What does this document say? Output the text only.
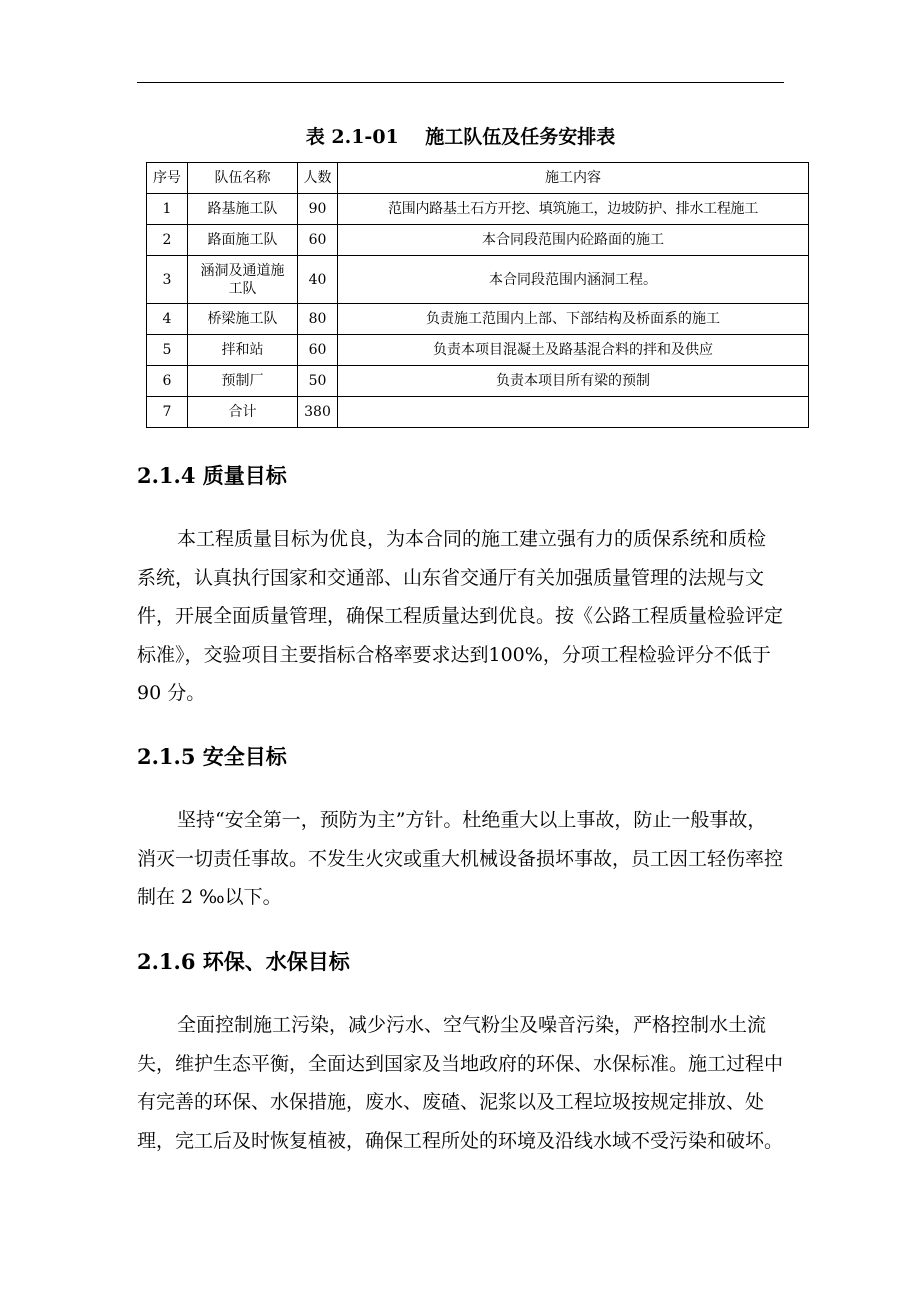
表 2.1-01    施工队伍及任务安排表
序号	队伍名称	人数	施工内容
1	路基施工队	90	范围内路基土石方开挖、填筑施工，边坡防护、排水工程施工
2	路面施工队	60	本合同段范围内砼路面的施工
3	涵洞及通道施工队	40	本合同段范围内涵洞工程。
4	桥梁施工队	80	负责施工范围内上部、下部结构及桥面系的施工
5	拌和站	60	负责本项目混凝土及路基混合料的拌和及供应
6	预制厂	50	负责本项目所有梁的预制
7	合计	380	
2.1.4 质量目标

本工程质量目标为优良，为本合同的施工建立强有力的质保系统和质检系统，认真执行国家和交通部、山东省交通厅有关加强质量管理的法规与文件，开展全面质量管理，确保工程质量达到优良。按《公路工程质量检验评定标准》，交验项目主要指标合格率要求达到100%，分项工程检验评分不低于 90 分。

2.1.5 安全目标

坚持“安全第一，预防为主”方针。杜绝重大以上事故，防止一般事故，消灭一切责任事故。不发生火灾或重大机械设备损坏事故，员工因工轻伤率控制在 2 ‰以下。

2.1.6 环保、水保目标

全面控制施工污染，减少污水、空气粉尘及噪音污染，严格控制水土流失，维护生态平衡，全面达到国家及当地政府的环保、水保标准。施工过程中有完善的环保、水保措施，废水、废碴、泥浆以及工程垃圾按规定排放、处理，完工后及时恢复植被，确保工程所处的环境及沿线水域不受污染和破坏。
